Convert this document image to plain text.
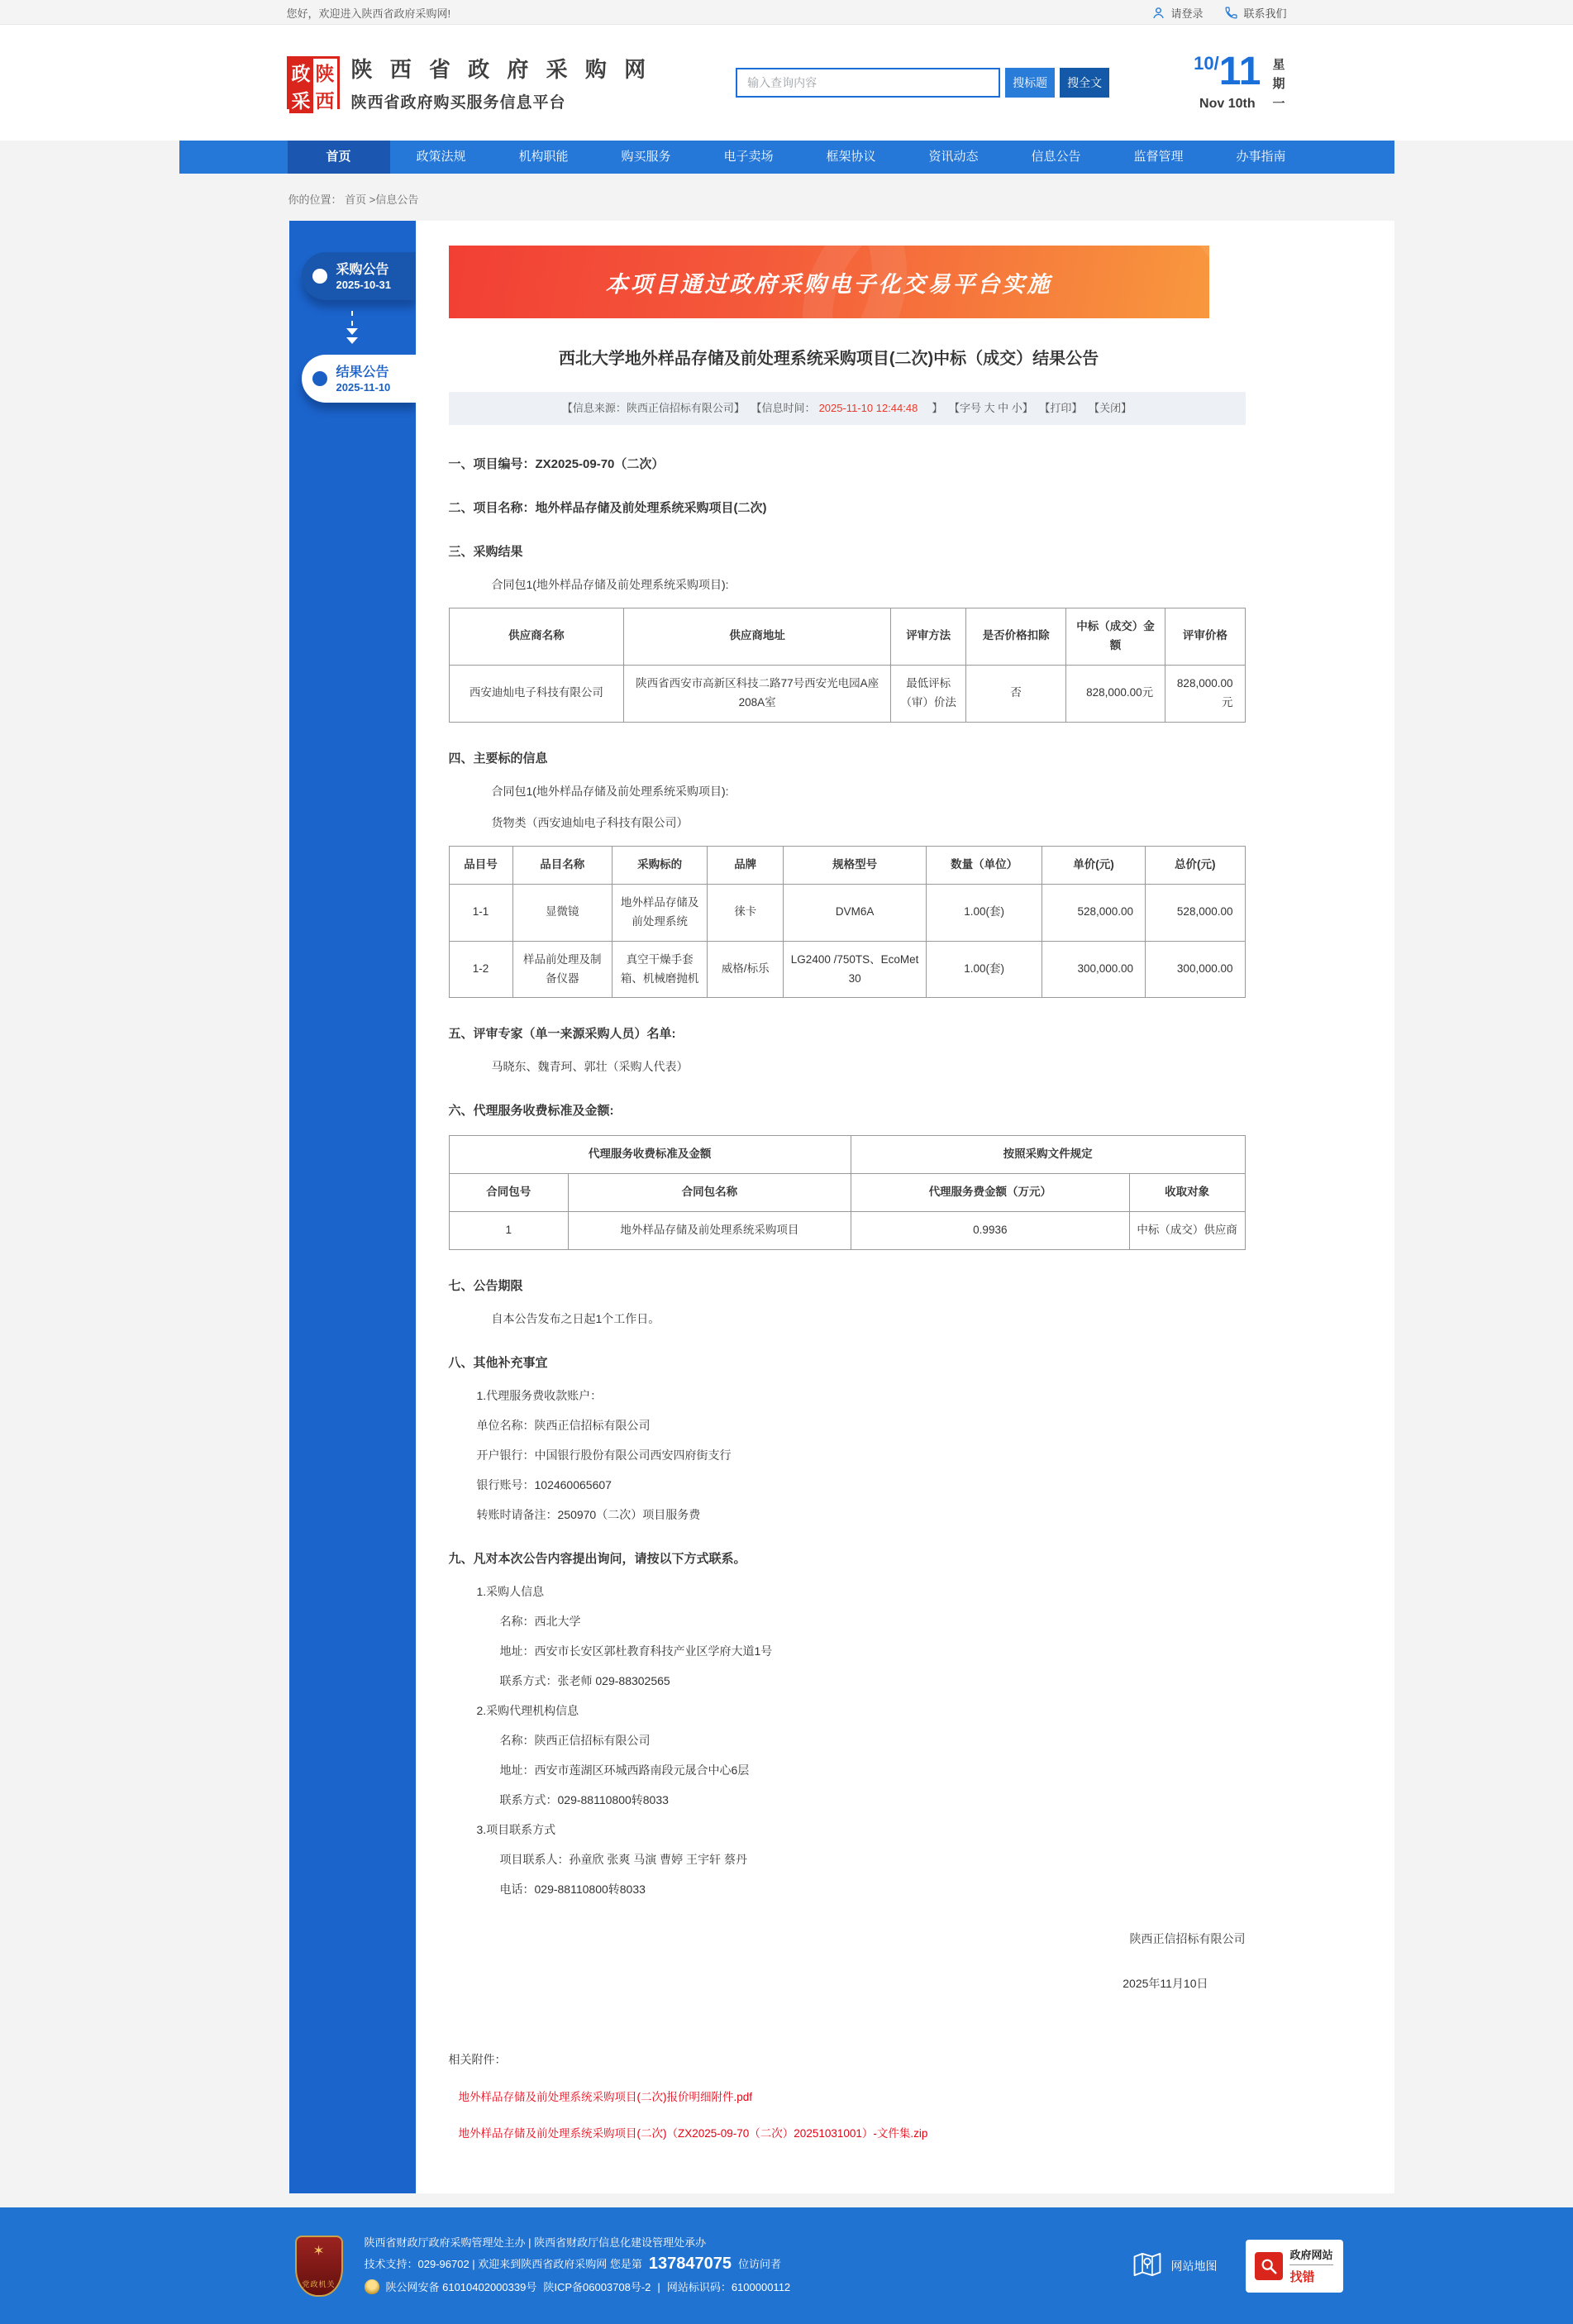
您好，欢迎进入陕西省政府采购网!	请登录	联系我们
政 陕
采 西
陕 西 省 政 府 采 购 网
陕西省政府购买服务信息平台
输入查询内容
搜标题	搜全文
10/11
Nov 10th
星期一
首页	政策法规	机构职能	购买服务	电子卖场	框架协议	资讯动态	信息公告	监督管理	办事指南
你的位置： 首页 >信息公告
采购公告
2025-10-31
结果公告
2025-11-10
本项目通过政府采购电子化交易平台实施
西北大学地外样品存储及前处理系统采购项目(二次)中标（成交）结果公告
【信息来源：陕西正信招标有限公司】 【信息时间： 2025-11-10 12:44:48　】 【字号 大 中 小】 【打印】 【关闭】
一、项目编号：ZX2025-09-70（二次）
二、项目名称：地外样品存储及前处理系统采购项目(二次)
三、采购结果
合同包1(地外样品存储及前处理系统采购项目):
供应商名称	供应商地址	评审方法	是否价格扣除	中标（成交）金额	评审价格
西安迪灿电子科技有限公司	陕西省西安市高新区科技二路77号西安光电园A座208A室	最低评标（审）价法	否	828,000.00元	828,000.00元
四、主要标的信息
合同包1(地外样品存储及前处理系统采购项目):
货物类（西安迪灿电子科技有限公司）
品目号	品目名称	采购标的	品牌	规格型号	数量（单位）	单价(元)	总价(元)
1-1	显微镜	地外样品存储及前处理系统	徕卡	DVM6A	1.00(套)	528,000.00	528,000.00
1-2	样品前处理及制备仪器	真空干燥手套箱、机械磨抛机	威格/标乐	LG2400 /750TS、EcoMet 30	1.00(套)	300,000.00	300,000.00
五、评审专家（单一来源采购人员）名单:
马晓东、魏青珂、郭壮（采购人代表）
六、代理服务收费标准及金额:
代理服务收费标准及金额		按照采购文件规定	
合同包号	合同包名称	代理服务费金额（万元）	收取对象
1	地外样品存储及前处理系统采购项目	0.9936	中标（成交）供应商
七、公告期限
自本公告发布之日起1个工作日。
八、其他补充事宜
1.代理服务费收款账户：
单位名称：陕西正信招标有限公司
开户银行：中国银行股份有限公司西安四府街支行
银行账号：102460065607
转账时请备注：250970（二次）项目服务费
九、凡对本次公告内容提出询问，请按以下方式联系。
1.采购人信息
名称：西北大学
地址：西安市长安区郭杜教育科技产业区学府大道1号
联系方式：张老师 029-88302565
2.采购代理机构信息
名称：陕西正信招标有限公司
地址：西安市莲湖区环城西路南段元晟合中心6层
联系方式：029-88110800转8033
3.项目联系方式
项目联系人：孙童欣 张爽 马演 曹婷 王宇轩 蔡丹
电话：029-88110800转8033
陕西正信招标有限公司
2025年11月10日
相关附件：
地外样品存储及前处理系统采购项目(二次)报价明细附件.pdf
地外样品存储及前处理系统采购项目(二次)（ZX2025-09-70（二次）20251031001）-文件集.zip
✶
党政机关
陕西省财政厅政府采购管理处主办 | 陕西省财政厅信息化建设管理处承办
技术支持：029-96702 | 欢迎来到陕西省政府采购网 您是第 137847075 位访问者
陕公网安备 61010402000339号 陕ICP备06003708号-2 | 网站标识码：6100000112
网站地图
政府网站
找错
